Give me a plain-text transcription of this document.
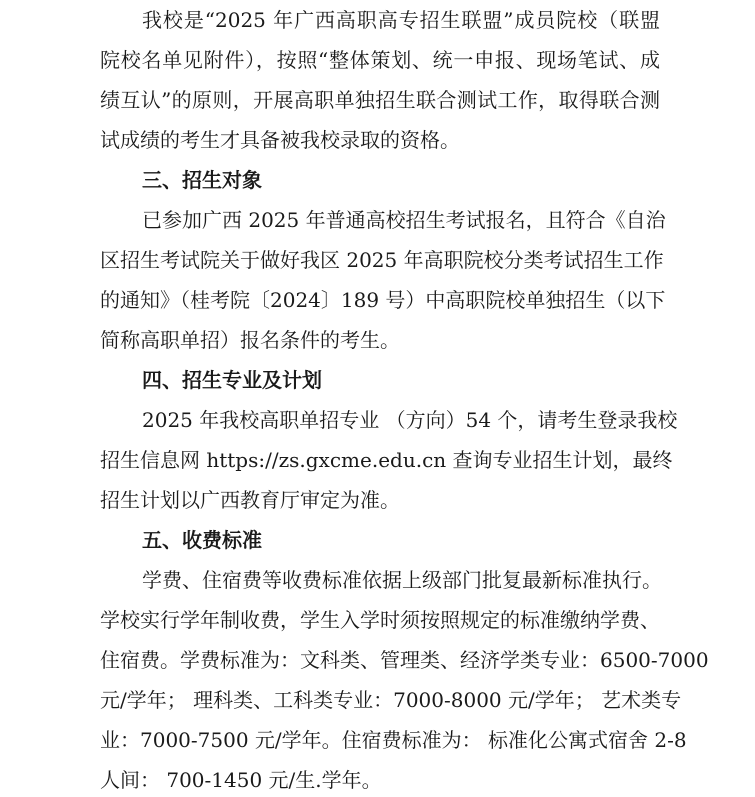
我校是“2025 年广西高职高专招生联盟”成员院校（联盟
院校名单见附件），按照“整体策划、统一申报、现场笔试、成
绩互认”的原则，开展高职单独招生联合测试工作，取得联合测
试成绩的考生才具备被我校录取的资格。
三、招生对象
已参加广西 2025 年普通高校招生考试报名，且符合《自治
区招生考试院关于做好我区 2025 年高职院校分类考试招生工作
的通知》（桂考院〔2024〕189 号）中高职院校单独招生（以下
简称高职单招）报名条件的考生。
四、招生专业及计划
2025 年我校高职单招专业 （方向）54 个，请考生登录我校
招生信息网 https://zs.gxcme.edu.cn 查询专业招生计划，最终
招生计划以广西教育厅审定为准。
五、收费标准
学费、住宿费等收费标准依据上级部门批复最新标准执行。
学校实行学年制收费，学生入学时须按照规定的标准缴纳学费、
住宿费。学费标准为：文科类、管理类、经济学类专业：6500-7000
元/学年； 理科类、工科类专业：7000-8000 元/学年； 艺术类专
业：7000-7500 元/学年。住宿费标准为： 标准化公寓式宿舍 2-8
人间： 700-1450 元/生.学年。
